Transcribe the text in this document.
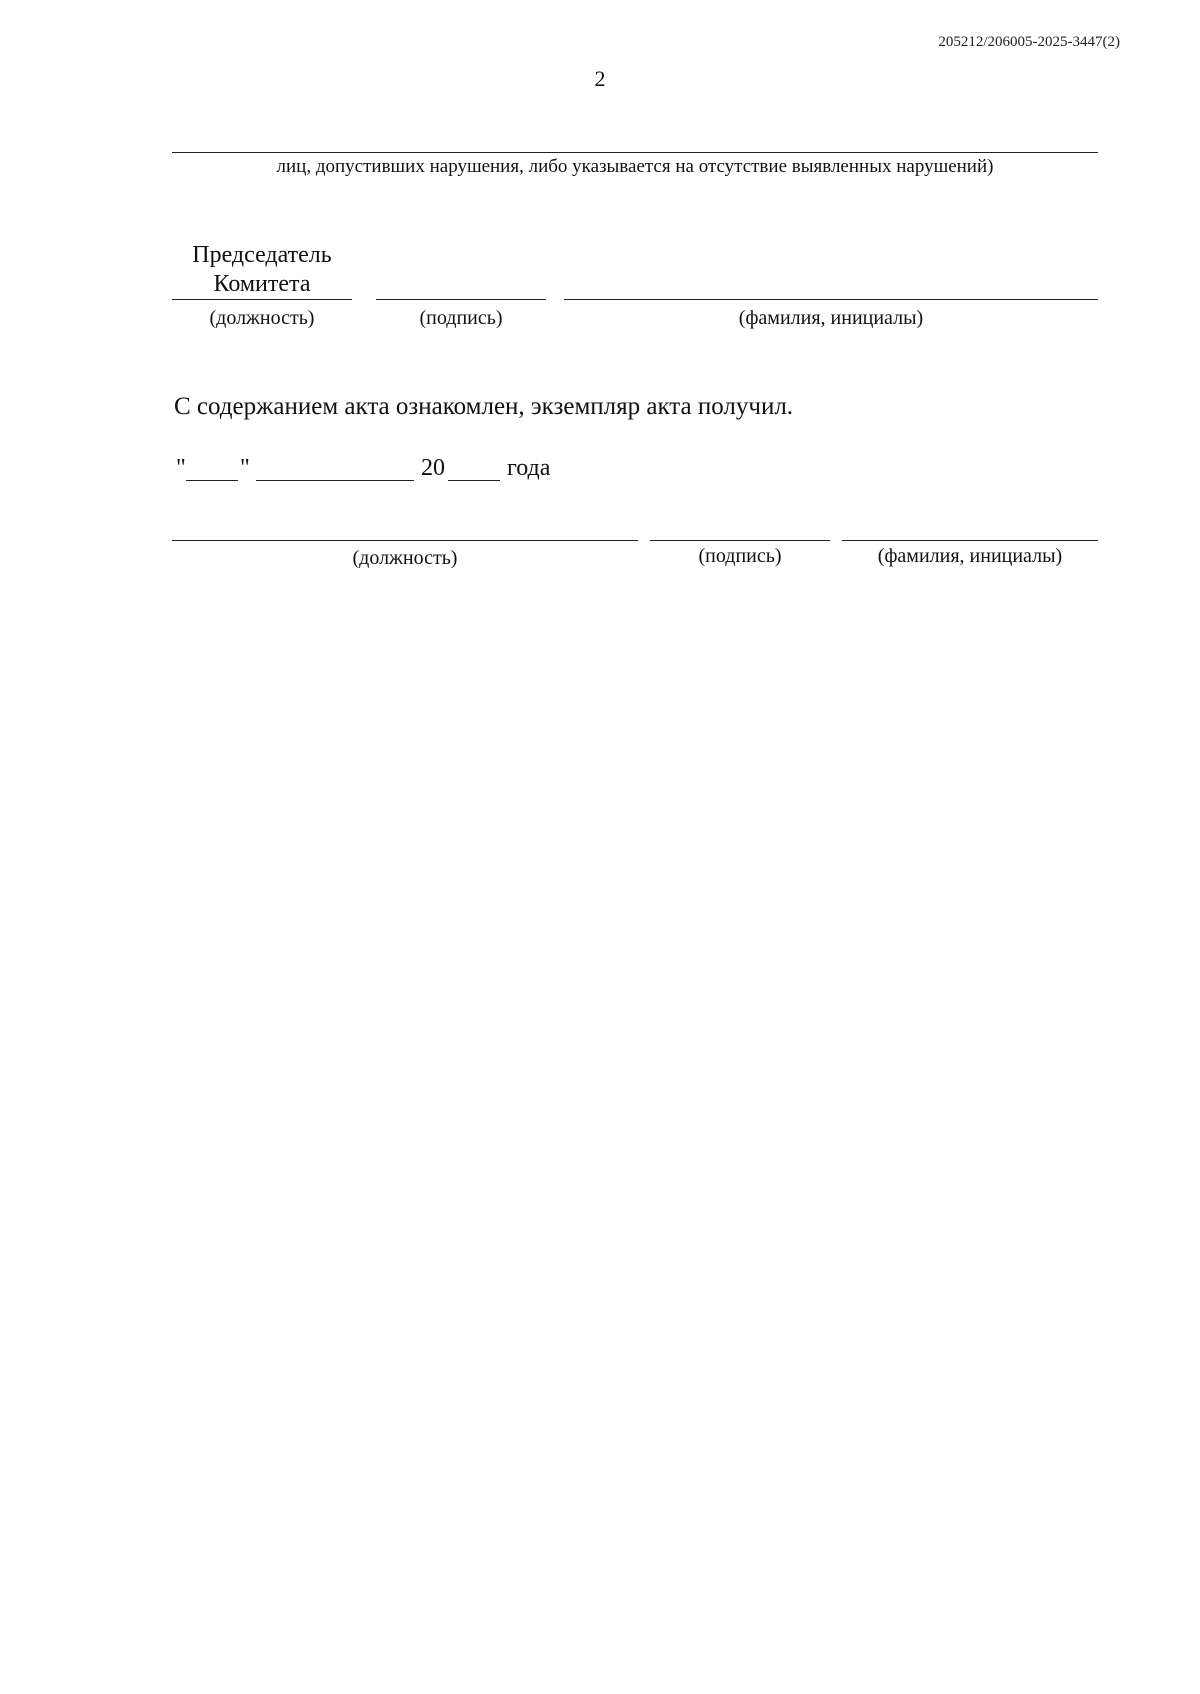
205212/206005-2025-3447(2)
2
лиц, допустивших нарушения, либо указывается на отсутствие выявленных нарушений)
Председатель
Комитета
(должность)	(подпись)	(фамилия, инициалы)
С содержанием акта ознакомлен, экземпляр акта получил.
" "	20	года
(должность)	(подпись)	(фамилия, инициалы)
